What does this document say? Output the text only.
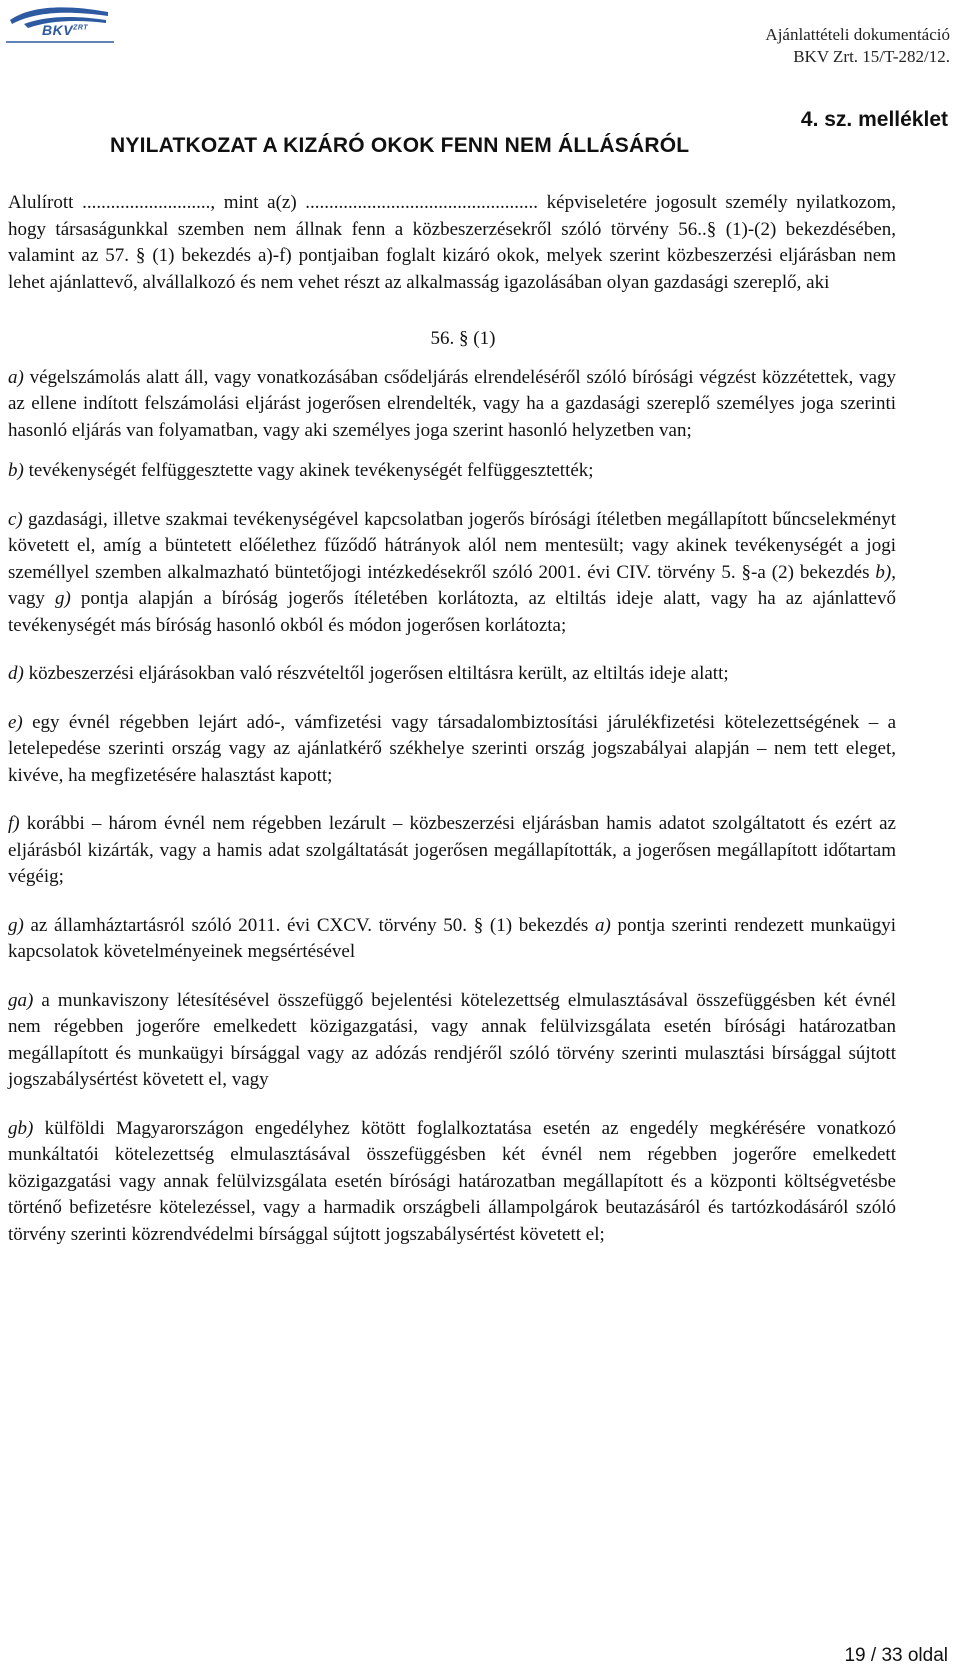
$BKV^{ZRT}$	Ajánlattételi dokumentáció
BKV Zrt. 15/T-282/12.
4. sz. melléklet
NYILATKOZAT A KIZÁRÓ OKOK FENN NEM ÁLLÁSÁRÓL

Alulírott ..........................., mint a(z) ................................................. képviseletére jogosult személy nyilatkozom, hogy társaságunkkal szemben nem állnak fenn a közbeszerzésekről szóló törvény 56..§ (1)-(2) bekezdésében, valamint az 57. § (1) bekezdés a)-f) pontjaiban foglalt kizáró okok, melyek szerint közbeszerzési eljárásban nem lehet ajánlattevő, alvállalkozó és nem vehet részt az alkalmasság igazolásában olyan gazdasági szereplő, aki

56. § (1)

a) végelszámolás alatt áll, vagy vonatkozásában csődeljárás elrendeléséről szóló bírósági végzést közzétettek, vagy az ellene indított felszámolási eljárást jogerősen elrendelték, vagy ha a gazdasági szereplő személyes joga szerinti hasonló eljárás van folyamatban, vagy aki személyes joga szerint hasonló helyzetben van;

b) tevékenységét felfüggesztette vagy akinek tevékenységét felfüggesztették;

c) gazdasági, illetve szakmai tevékenységével kapcsolatban jogerős bírósági ítéletben megállapított bűncselekményt követett el, amíg a büntetett előélethez fűződő hátrányok alól nem mentesült; vagy akinek tevékenységét a jogi személlyel szemben alkalmazható büntetőjogi intézkedésekről szóló 2001. évi CIV. törvény 5. §-a (2) bekezdés b), vagy g) pontja alapján a bíróság jogerős ítéletében korlátozta, az eltiltás ideje alatt, vagy ha az ajánlattevő tevékenységét más bíróság hasonló okból és módon jogerősen korlátozta;

d) közbeszerzési eljárásokban való részvételtől jogerősen eltiltásra került, az eltiltás ideje alatt;

e) egy évnél régebben lejárt adó-, vámfizetési vagy társadalombiztosítási járulékfizetési kötelezettségének – a letelepedése szerinti ország vagy az ajánlatkérő székhelye szerinti ország jogszabályai alapján – nem tett eleget, kivéve, ha megfizetésére halasztást kapott;

f) korábbi – három évnél nem régebben lezárult – közbeszerzési eljárásban hamis adatot szolgáltatott és ezért az eljárásból kizárták, vagy a hamis adat szolgáltatását jogerősen megállapították, a jogerősen megállapított időtartam végéig;

g) az államháztartásról szóló 2011. évi CXCV. törvény 50. § (1) bekezdés a) pontja szerinti rendezett munkaügyi kapcsolatok követelményeinek megsértésével

ga) a munkaviszony létesítésével összefüggő bejelentési kötelezettség elmulasztásával összefüggésben két évnél nem régebben jogerőre emelkedett közigazgatási, vagy annak felülvizsgálata esetén bírósági határozatban megállapított és munkaügyi bírsággal vagy az adózás rendjéről szóló törvény szerinti mulasztási bírsággal sújtott jogszabálysértést követett el, vagy

gb) külföldi Magyarországon engedélyhez kötött foglalkoztatása esetén az engedély megkérésére vonatkozó munkáltatói kötelezettség elmulasztásával összefüggésben két évnél nem régebben jogerőre emelkedett közigazgatási vagy annak felülvizsgálata esetén bírósági határozatban megállapított és a központi költségvetésbe történő befizetésre kötelezéssel, vagy a harmadik országbeli állampolgárok beutazásáról és tartózkodásáról szóló törvény szerinti közrendvédelmi bírsággal sújtott jogszabálysértést követett el;

19 / 33 oldal
